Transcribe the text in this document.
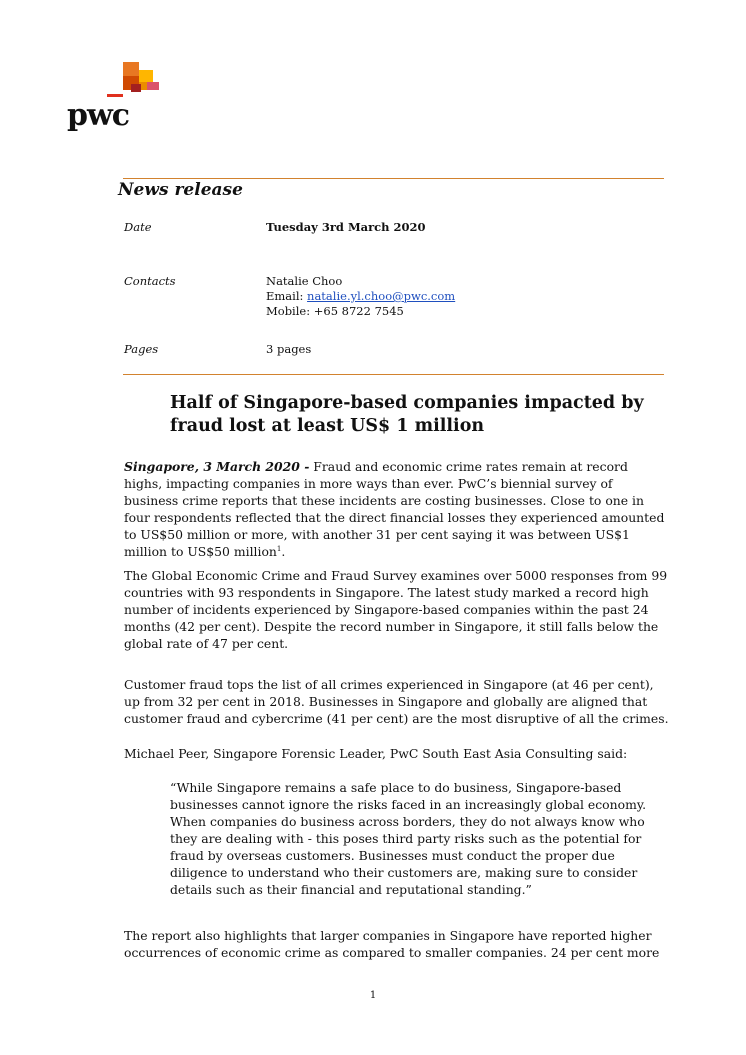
pwc
News release
Date	Tuesday 3rd March 2020
Contacts	Natalie Choo
Email: natalie.yl.choo@pwc.com
Mobile: +65 8722 7545
Pages	3 pages
Half of Singapore-based companies impacted by fraud lost at least US$ 1 million
Singapore, 3 March 2020 - Fraud and economic crime rates remain at record highs, impacting companies in more ways than ever. PwC’s biennial survey of business crime reports that these incidents are costing businesses. Close to one in four respondents reflected that the direct financial losses they experienced amounted to US$50 million or more, with another 31 per cent saying it was between US$1 million to US$50 million$^1$.
The Global Economic Crime and Fraud Survey examines over 5000 responses from 99 countries with 93 respondents in Singapore. The latest study marked a record high number of incidents experienced by Singapore-based companies within the past 24 months (42 per cent). Despite the record number in Singapore, it still falls below the global rate of 47 per cent.
Customer fraud tops the list of all crimes experienced in Singapore (at 46 per cent), up from 32 per cent in 2018. Businesses in Singapore and globally are aligned that customer fraud and cybercrime (41 per cent) are the most disruptive of all the crimes.
Michael Peer, Singapore Forensic Leader, PwC South East Asia Consulting said:
“While Singapore remains a safe place to do business, Singapore-based businesses cannot ignore the risks faced in an increasingly global economy. When companies do business across borders, they do not always know who they are dealing with - this poses third party risks such as the potential for fraud by overseas customers. Businesses must conduct the proper due diligence to understand who their customers are, making sure to consider details such as their financial and reputational standing.”
The report also highlights that larger companies in Singapore have reported higher occurrences of economic crime as compared to smaller companies. 24 per cent more
1
